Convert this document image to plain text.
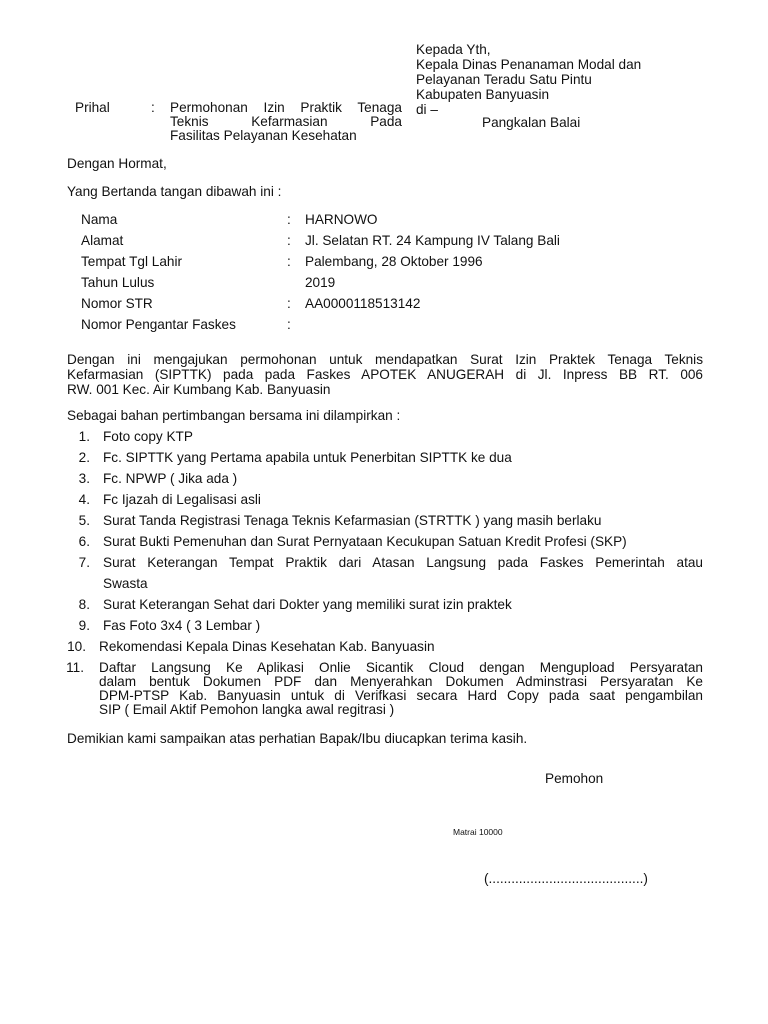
Kepada Yth,
Kepala Dinas Penanaman Modal dan
Pelayanan Teradu Satu Pintu
Kabupaten Banyuasin
di –
Pangkalan Balai
Prihal	: Permohonan Izin Praktik Tenaga
Teknis Kefarmasian Pada
Fasilitas Pelayanan Kesehatan
Dengan Hormat,
Yang Bertanda tangan dibawah ini :
Nama	: HARNOWO
Alamat	: Jl. Selatan RT. 24 Kampung IV Talang Bali
Tempat Tgl Lahir	: Palembang, 28 Oktober 1996
Tahun Lulus	2019
Nomor STR	: AA0000118513142
Nomor Pengantar Faskes	:
Dengan ini mengajukan permohonan untuk mendapatkan Surat Izin Praktek Tenaga Teknis
Kefarmasian (SIPTTK) pada pada Faskes APOTEK ANUGERAH di Jl. Inpress BB RT. 006
RW. 001 Kec. Air Kumbang Kab. Banyuasin
Sebagai bahan pertimbangan bersama ini dilampirkan :
1. Foto copy KTP
2. Fc. SIPTTK yang Pertama apabila untuk Penerbitan SIPTTK ke dua
3. Fc. NPWP ( Jika ada )
4. Fc Ijazah di Legalisasi asli
5. Surat Tanda Registrasi Tenaga Teknis Kefarmasian (STRTTK ) yang masih berlaku
6. Surat Bukti Pemenuhan dan Surat Pernyataan Kecukupan Satuan Kredit Profesi (SKP)
7. Surat Keterangan Tempat Praktik dari Atasan Langsung pada Faskes Pemerintah atau
Swasta
8. Surat Keterangan Sehat dari Dokter yang memiliki surat izin praktek
9. Fas Foto 3x4 ( 3 Lembar )
10. Rekomendasi Kepala Dinas Kesehatan Kab. Banyuasin
11. Daftar Langsung Ke Aplikasi Onlie Sicantik Cloud dengan Mengupload Persyaratan
dalam bentuk Dokumen PDF dan Menyerahkan Dokumen Adminstrasi Persyaratan Ke
DPM-PTSP Kab. Banyuasin untuk di Verifkasi secara Hard Copy pada saat pengambilan
SIP ( Email Aktif Pemohon langka awal regitrasi )
Demikian kami sampaikan atas perhatian Bapak/Ibu diucapkan terima kasih.
Pemohon
Matrai 10000
(.........................................)
